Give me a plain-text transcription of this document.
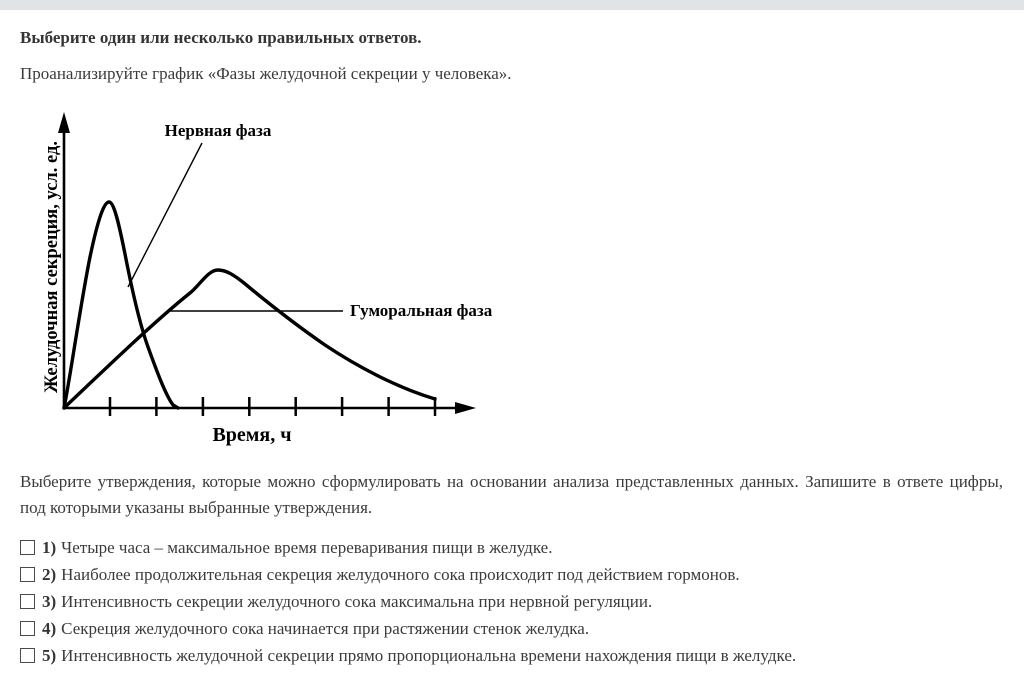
Выберите один или несколько правильных ответов.
Проанализируйте график «Фазы желудочной секреции у человека».
Нервная фаза
Гуморальная фаза
Время, ч
Желудочная секреция, усл. ед.
Выберите утверждения, которые можно сформулировать на основании анализа представленных данных. Запишите в ответе цифры, под которыми указаны выбранные утверждения.
1) Четыре часа – максимальное время переваривания пищи в желудке.
2) Наиболее продолжительная секреция желудочного сока происходит под действием гормонов.
3) Интенсивность секреции желудочного сока максимальна при нервной регуляции.
4) Секреция желудочного сока начинается при растяжении стенок желудка.
5) Интенсивность желудочной секреции прямо пропорциональна времени нахождения пищи в желудке.
